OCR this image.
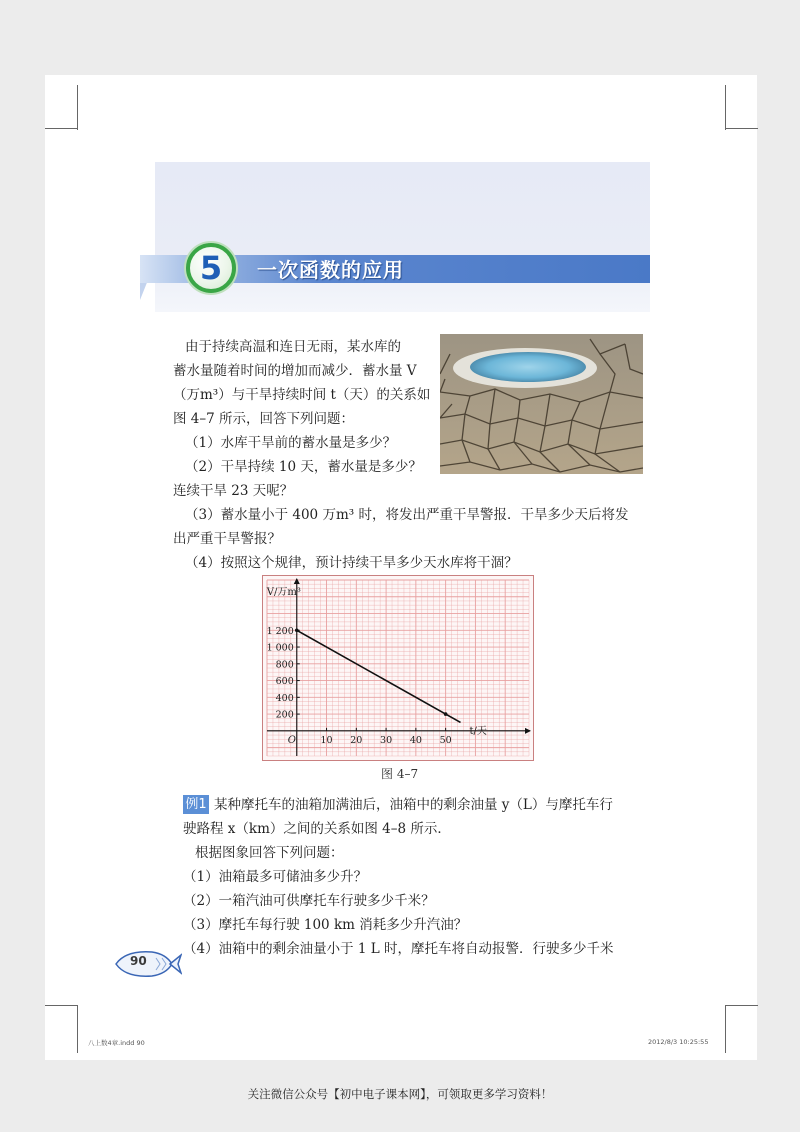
5 一次函数的应用
由于持续高温和连日无雨，某水库的
蓄水量随着时间的增加而减少．蓄水量 V
（万m³）与干旱持续时间 t（天）的关系如
图 4–7 所示，回答下列问题：
（1）水库干旱前的蓄水量是多少？
（2）干旱持续 10 天，蓄水量是多少？
连续干旱 23 天呢？
（3）蓄水量小于 400 万m³ 时，将发出严重干旱警报．干旱多少天后将发
出严重干旱警报？
（4）按照这个规律，预计持续干旱多少天水库将干涸？
10 20 30 40 50
200
400
600
800
1 000
1 200
V/万m³
t/天
O
图 4–7
例1 某种摩托车的油箱加满油后，油箱中的剩余油量 y（L）与摩托车行
驶路程 x（km）之间的关系如图 4–8 所示．
根据图象回答下列问题：
（1）油箱最多可储油多少升？
（2）一箱汽油可供摩托车行驶多少千米？
（3）摩托车每行驶 100 km 消耗多少升汽油？
（4）油箱中的剩余油量小于 1 L 时，摩托车将自动报警．行驶多少千米
90
八上数4章.indd 90	2012/8/3 10:25:55
关注微信公众号【初中电子课本网】，可领取更多学习资料！
